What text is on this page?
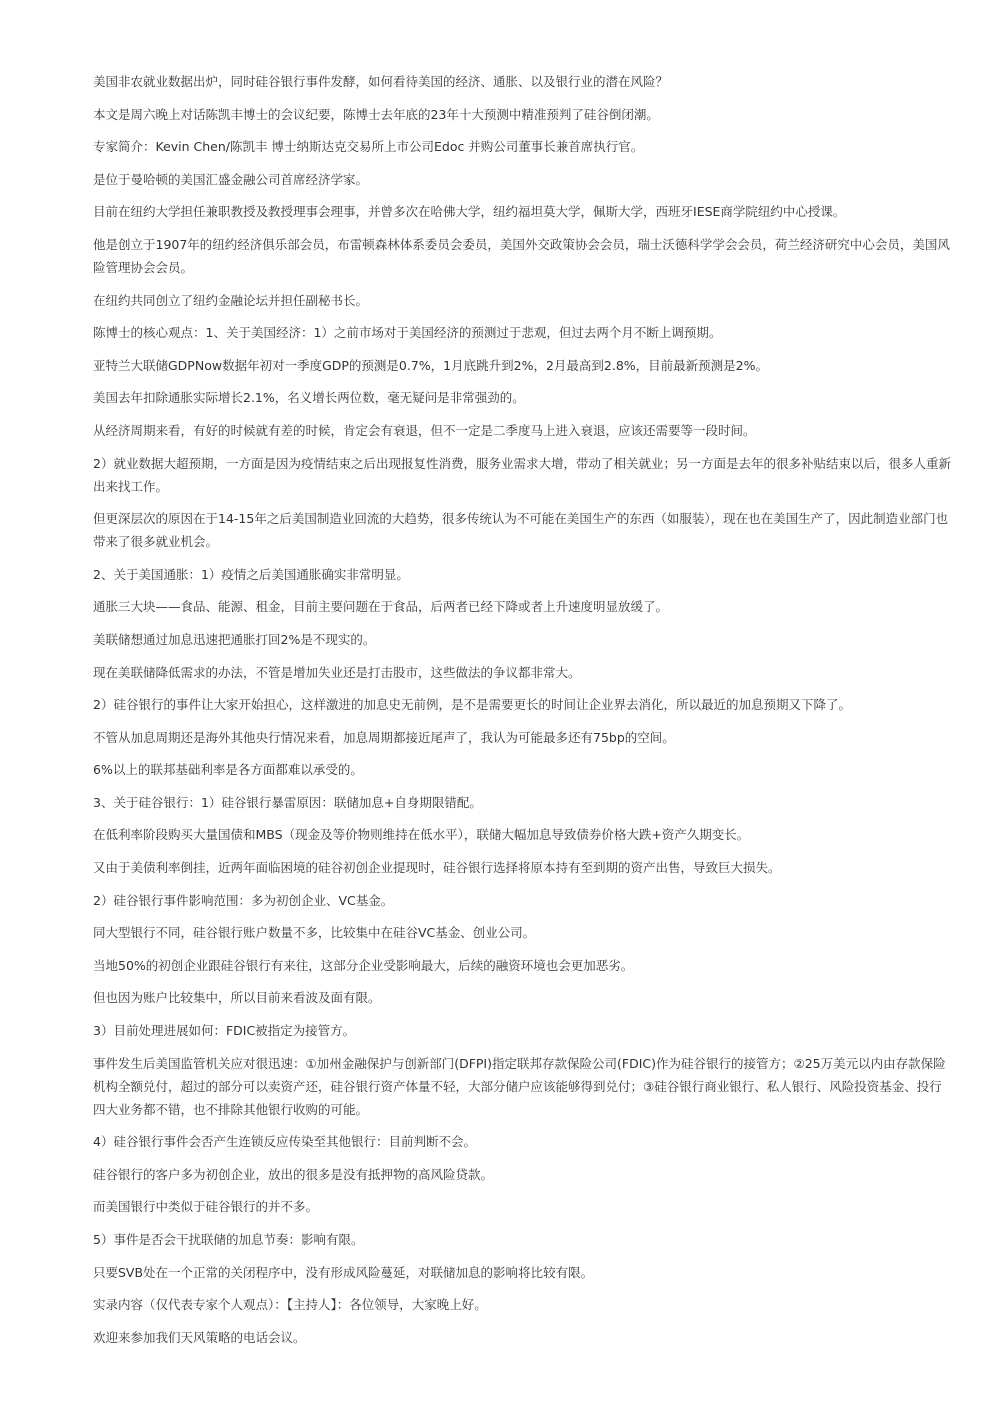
美国非农就业数据出炉，同时硅谷银行事件发酵，如何看待美国的经济、通胀、以及银行业的潜在风险？

本文是周六晚上对话陈凯丰博士的会议纪要，陈博士去年底的23年十大预测中精准预判了硅谷倒闭潮。

专家简介：Kevin Chen/陈凯丰 博士纳斯达克交易所上市公司Edoc 并购公司董事长兼首席执行官。

是位于曼哈顿的美国汇盛金融公司首席经济学家。

目前在纽约大学担任兼职教授及教授理事会理事，并曾多次在哈佛大学，纽约福坦莫大学，佩斯大学，西班牙IESE商学院纽约中心授课。

他是创立于1907年的纽约经济俱乐部会员，布雷顿森林体系委员会委员，美国外交政策协会会员，瑞士沃德科学学会会员，荷兰经济研究中心会员，美国风险管理协会会员。

在纽约共同创立了纽约金融论坛并担任副秘书长。

陈博士的核心观点：1、关于美国经济：1）之前市场对于美国经济的预测过于悲观，但过去两个月不断上调预期。

亚特兰大联储GDPNow数据年初对一季度GDP的预测是0.7%，1月底跳升到2%，2月最高到2.8%，目前最新预测是2%。

美国去年扣除通胀实际增长2.1%，名义增长两位数，毫无疑问是非常强劲的。

从经济周期来看，有好的时候就有差的时候，肯定会有衰退，但不一定是二季度马上进入衰退，应该还需要等一段时间。

2）就业数据大超预期，一方面是因为疫情结束之后出现报复性消费，服务业需求大增，带动了相关就业；另一方面是去年的很多补贴结束以后，很多人重新出来找工作。

但更深层次的原因在于14-15年之后美国制造业回流的大趋势，很多传统认为不可能在美国生产的东西（如服装），现在也在美国生产了，因此制造业部门也带来了很多就业机会。

2、关于美国通胀：1）疫情之后美国通胀确实非常明显。

通胀三大块——食品、能源、租金，目前主要问题在于食品，后两者已经下降或者上升速度明显放缓了。

美联储想通过加息迅速把通胀打回2%是不现实的。

现在美联储降低需求的办法，不管是增加失业还是打击股市，这些做法的争议都非常大。

2）硅谷银行的事件让大家开始担心，这样激进的加息史无前例，是不是需要更长的时间让企业界去消化，所以最近的加息预期又下降了。

不管从加息周期还是海外其他央行情况来看，加息周期都接近尾声了，我认为可能最多还有75bp的空间。

6%以上的联邦基础利率是各方面都难以承受的。

3、关于硅谷银行：1）硅谷银行暴雷原因：联储加息+自身期限错配。

在低利率阶段购买大量国债和MBS（现金及等价物则维持在低水平），联储大幅加息导致债券价格大跌+资产久期变长。

又由于美债利率倒挂，近两年面临困境的硅谷初创企业提现时，硅谷银行选择将原本持有至到期的资产出售，导致巨大损失。

2）硅谷银行事件影响范围：多为初创企业、VC基金。

同大型银行不同，硅谷银行账户数量不多，比较集中在硅谷VC基金、创业公司。

当地50%的初创企业跟硅谷银行有来往，这部分企业受影响最大，后续的融资环境也会更加恶劣。

但也因为账户比较集中，所以目前来看波及面有限。

3）目前处理进展如何：FDIC被指定为接管方。

事件发生后美国监管机关应对很迅速：①加州金融保护与创新部门(DFPI)指定联邦存款保险公司(FDIC)作为硅谷银行的接管方；②25万美元以内由存款保险机构全额兑付，超过的部分可以卖资产还，硅谷银行资产体量不轻，大部分储户应该能够得到兑付；③硅谷银行商业银行、私人银行、风险投资基金、投行四大业务都不错，也不排除其他银行收购的可能。

4）硅谷银行事件会否产生连锁反应传染至其他银行：目前判断不会。

硅谷银行的客户多为初创企业，放出的很多是没有抵押物的高风险贷款。

而美国银行中类似于硅谷银行的并不多。

5）事件是否会干扰联储的加息节奏：影响有限。

只要SVB处在一个正常的关闭程序中，没有形成风险蔓延，对联储加息的影响将比较有限。

实录内容（仅代表专家个人观点）：【主持人】：各位领导，大家晚上好。

欢迎来参加我们天风策略的电话会议。
